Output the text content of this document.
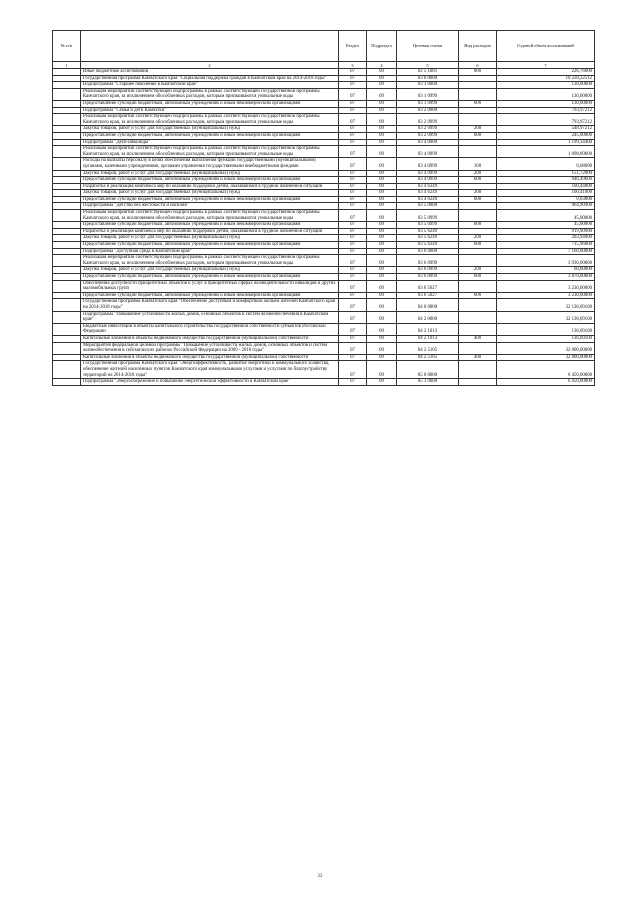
№ п/п		Раздел	Подраздел	Целевая статья	Вид расходов	Годовой объем ассигнований
1	2	3	4	5	6	7
	Иные бюджетные ассигнования	07	09	02 5 1001	800	226,76000
	Государственная программа Камчатского края "Социальная поддержка граждан в Камчатском крае на 2014-2018 годы"	07	09	03 0 0000		10 228,22512
	Подпрограмма "Старшее поколение в Камчатском крае"	07	09	03 1 0000		130,00000
	Реализация мероприятий соответствующей подпрограммы в рамках соответствующей государственной программы Камчатского края, за исключением обособленных расходов, которым присваиваются уникальные коды	07	09	03 1 0999		130,00000
	Предоставление субсидий бюджетным, автономным учреждениям и иным некоммерческим организациям	07	09	03 1 0999	600	130,00000
	Подпрограмма "Семья и дети Камчатки"	07	09	03 2 0000		793,97212
	Реализация мероприятий соответствующей подпрограммы в рамках соответствующей государственной программы Камчатского края, за исключением обособленных расходов, которым присваиваются уникальные коды	07	09	03 2 0999		793,97212
	Закупка товаров, работ и услуг для государственных (муниципальных) нужд	07	09	03 2 0999	200	548,97212
	Предоставление субсидий бюджетным, автономным учреждениям и иным некоммерческим организациям	07	09	03 2 0999	600	245,00000
	Подпрограмма "Дети-инвалиды"	07	09	03 4 0000		1 199,34400
	Реализация мероприятий соответствующей подпрограммы в рамках соответствующей государственной программы Камчатского края, за исключением обособленных расходов, которым присваиваются уникальные коды	07	09	03 4 0999		1 098,89600
	Расходы на выплаты персоналу в целях обеспечения выполнения функций государственными (муниципальными) органами, казенными учреждениями, органами управления государственными внебюджетными фондами	07	09	03 4 0999	100	0,68000
	Закупка товаров, работ и услуг для государственных (муниципальных) нужд	07	09	03 4 0999	200	151,72000
	Предоставление субсидий бюджетным, автономным учреждениям и иным некоммерческим организациям	07	09	03 4 0999	600	946,49600
	Разработка и реализация комплекса мер по оказанию поддержки детям, оказавшимся в трудной жизненной ситуации	07	09	03 4 6249		100,44800
	Закупка товаров, работ и услуг для государственных (муниципальных) нужд	07	09	03 4 6249	200	100,41000
	Предоставление субсидий бюджетным, автономным учреждениям и иным некоммерческим организациям	07	09	03 4 6249	600	0,03800
	Подпрограмма "Детство без жестокости и насилия"	07	09	03 5 0000		964,90900
	Реализация мероприятий соответствующей подпрограммы в рамках соответствующей государственной программы Камчатского края, за исключением обособленных расходов, которым присваиваются уникальные коды	07	09	03 5 0999		45,00000
	Предоставление субсидий бюджетным, автономным учреждениям и иным некоммерческим организациям	07	09	03 5 0999	600	45,00000
	Разработка и реализация комплекса мер по оказанию поддержки детям, оказавшимся в трудной жизненной ситуации	07	09	03 5 6249		919,90900
	Закупка товаров, работ и услуг для государственных (муниципальных) нужд	07	09	03 5 6249	200	203,94900
	Предоставление субсидий бюджетным, автономным учреждениям и иным некоммерческим организациям	07	09	03 5 6249	600	715,96000
	Подпрограмма "Доступная среда в Камчатском крае"	07	09	03 6 0000		7 160,00000
	Реализация мероприятий соответствующей подпрограммы в рамках соответствующей государственной программы Камчатского края, за исключением обособленных расходов, которым присваиваются уникальные коды	07	09	03 6 0999		3 930,00000
	Закупка товаров, работ и услуг для государственных (муниципальных) нужд	07	09	03 6 0999	200	60,00000
	Предоставление субсидий бюджетным, автономным учреждениям и иным некоммерческим организациям	07	09	03 6 0999	600	3 870,00000
	Обеспечение доступности приоритетных объектов и услуг в приоритетных сферах жизнедеятельности инвалидов и других маломобильных групп	07	09	03 6 5027		3 230,00000
	Предоставление субсидий бюджетным, автономным учреждениям и иным некоммерческим организациям	07	09	03 6 5027	600	3 230,00000
	Государственная программа Камчатского края "Обеспечение доступным и комфортным жильем жителей Камчатского края на 2014-2018 годы"	07	09	04 0 0000		32 136,09100
	Подпрограмма "Повышение устойчивости жилых домов, основных объектов и систем жизнеобеспечения в Камчатском крае"	07	09	04 2 0000		32 136,09100
	Бюджетные инвестиции в объекты капитального строительства государственной собственности субъектов Российской Федерации	07	09	04 2 1013		136,09100
	Капитальные вложения в объекты недвижимого имущества государственной (муниципальной) собственности	07	09	04 2 1013	400	136,09100
	Мероприятия федеральной целевой программы "Повышение устойчивости жилых домов, основных объектов и систем жизнеобеспечения в сейсмических районах Российской Федерации на 2009 - 2018 годы"	07	09	04 2 5105		32 000,00000
	Капитальные вложения в объекты недвижимого имущества государственной (муниципальной) собственности	07	09	04 2 5105	400	32 000,00000
	Государственная программа Камчатского края "Энергоэффективность, развитие энергетики и коммунального хозяйства, обеспечение жителей населенных пунктов Камчатского края коммунальными услугами и услугами по благоустройству территорий на 2014-2018 годы"	07	09	05 0 0000		6 450,00000
	Подпрограмма "Энергосбережение и повышение энергетической эффективности в Камчатском крае"	07	09	05 1 0000		6 450,00000
32
